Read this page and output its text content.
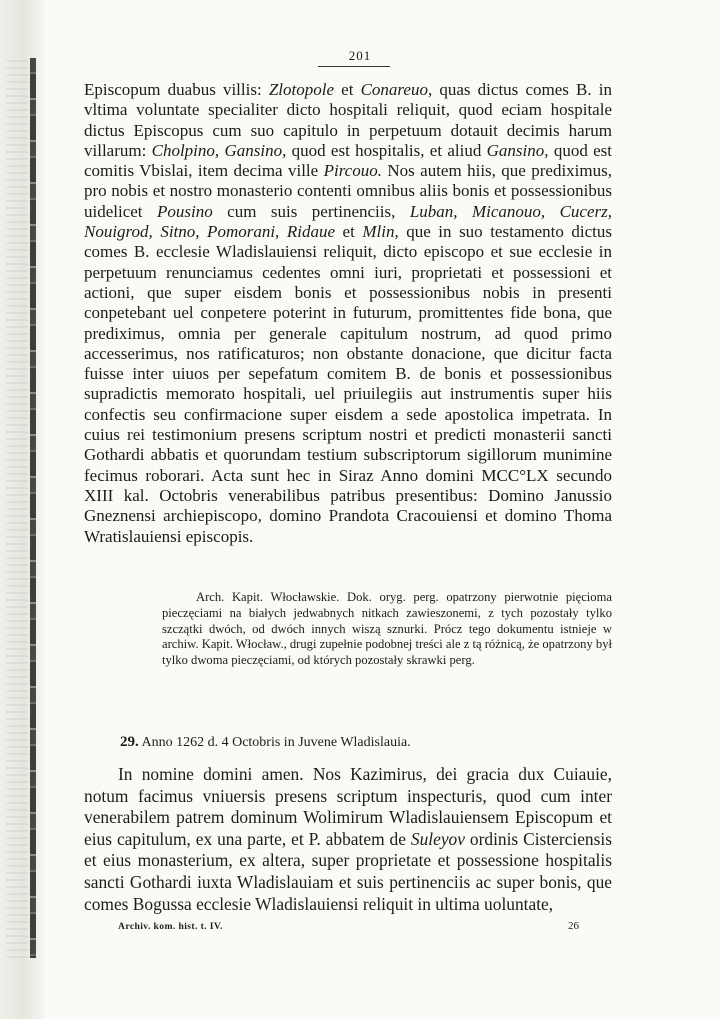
201

Episcopum duabus villis: Zlotopole et Conareuo, quas dictus comes B. in vltima voluntate specialiter dicto hospitali reliquit, quod eciam hospitale dictus Episcopus cum suo capitulo in perpetuum dotauit decimis harum villarum: Cholpino, Gansino, quod est hospitalis, et aliud Gansino, quod est comitis Vbislai, item decima ville Pircouo. Nos autem hiis, que prediximus, pro nobis et nostro monasterio contenti omnibus aliis bonis et possessionibus uidelicet Pousino cum suis pertinenciis, Luban, Micanouo, Cucerz, Nouigrod, Sitno, Pomorani, Ridaue et Mlin, que in suo testamento dictus comes B. ecclesie Wladislauiensi reliquit, dicto episcopo et sue ecclesie in perpetuum renunciamus cedentes omni iuri, proprietati et possessioni et actioni, que super eisdem bonis et possessionibus nobis in presenti conpetebant uel conpetere poterint in futurum, promittentes fide bona, que prediximus, omnia per generale capitulum nostrum, ad quod primo accesserimus, nos ratificaturos; non obstante donacione, que dicitur facta fuisse inter uiuos per sepefatum comitem B. de bonis et possessionibus supradictis memorato hospitali, uel priuilegiis aut instrumentis super hiis confectis seu confirmacione super eisdem a sede apostolica impetrata. In cuius rei testimonium presens scriptum nostri et predicti monasterii sancti Gothardi abbatis et quorundam testium subscriptorum sigillorum munimine fecimus roborari. Acta sunt hec in Siraz Anno domini MCC°LX secundo XIII kal. Octobris venerabilibus patribus presentibus: Domino Janussio Gneznensi archiepiscopo, domino Prandota Cracouiensi et domino Thoma Wratislauiensi episcopis.

Arch. Kapit. Włocławskie. Dok. oryg. perg. opatrzony pierwotnie pięcioma pieczęciami na białych jedwabnych nitkach zawieszonemi, z tych pozostały tylko szczątki dwóch, od dwóch innych wiszą sznurki. Prócz tego dokumentu istnieje w archiw. Kapit. Włocław., drugi zupełnie podobnej treści ale z tą różnicą, że opatrzony był tylko dwoma pieczęciami, od których pozostały skrawki perg.

29. Anno 1262 d. 4 Octobris in Juvene Wladislauia.

In nomine domini amen. Nos Kazimirus, dei gracia dux Cuiauie, notum facimus vniuersis presens scriptum inspecturis, quod cum inter venerabilem patrem dominum Wolimirum Wladislauiensem Episcopum et eius capitulum, ex una parte, et P. abbatem de Suleyov ordinis Cisterciensis et eius monasterium, ex altera, super proprietate et possessione hospitalis sancti Gothardi iuxta Wladislauiam et suis pertinenciis ac super bonis, que comes Bogussa ecclesie Wladislauiensi reliquit in ultima uoluntate,

Archiv. kom. hist. t. IV.	26
